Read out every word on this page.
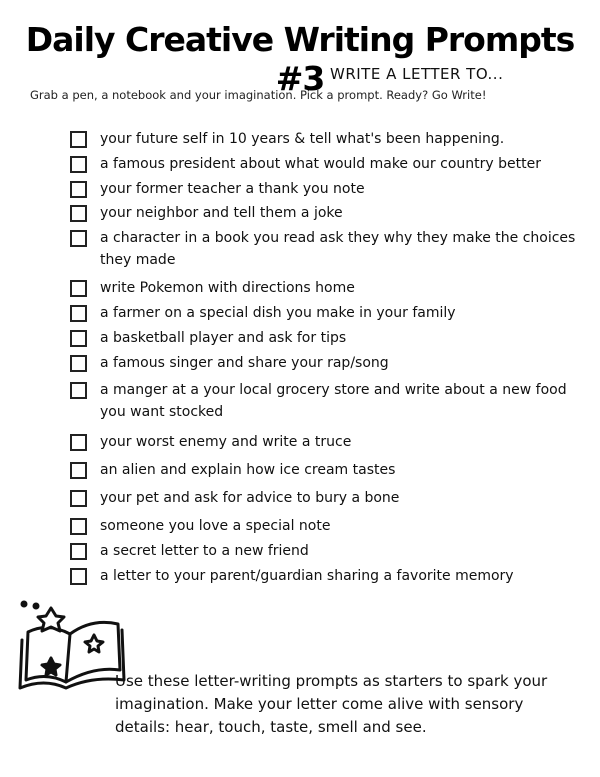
Daily Creative Writing Prompts #3 WRITE A LETTER TO...
Grab a pen, a notebook and your imagination. Pick a prompt. Ready? Go Write!
your future self in 10 years & tell what's been happening.
a famous president about what would make our country better
your former teacher a thank you note
your neighbor and tell them a joke
a character in a book you read ask they why they make the choices they made
write Pokemon with directions home
a farmer on a special dish you make in your family
a basketball player and ask for tips
a famous singer and share your rap/song
a manger at a your local grocery store and write about a new food you want stocked
your worst enemy and write a truce
an alien and explain how ice cream tastes
your pet and ask for advice to bury a bone
someone you love a special note
a secret letter to a new friend
a letter to your parent/guardian sharing a favorite memory
Use these letter-writing prompts as starters to spark your imagination. Make your letter come alive with sensory details: hear, touch, taste, smell and see.
